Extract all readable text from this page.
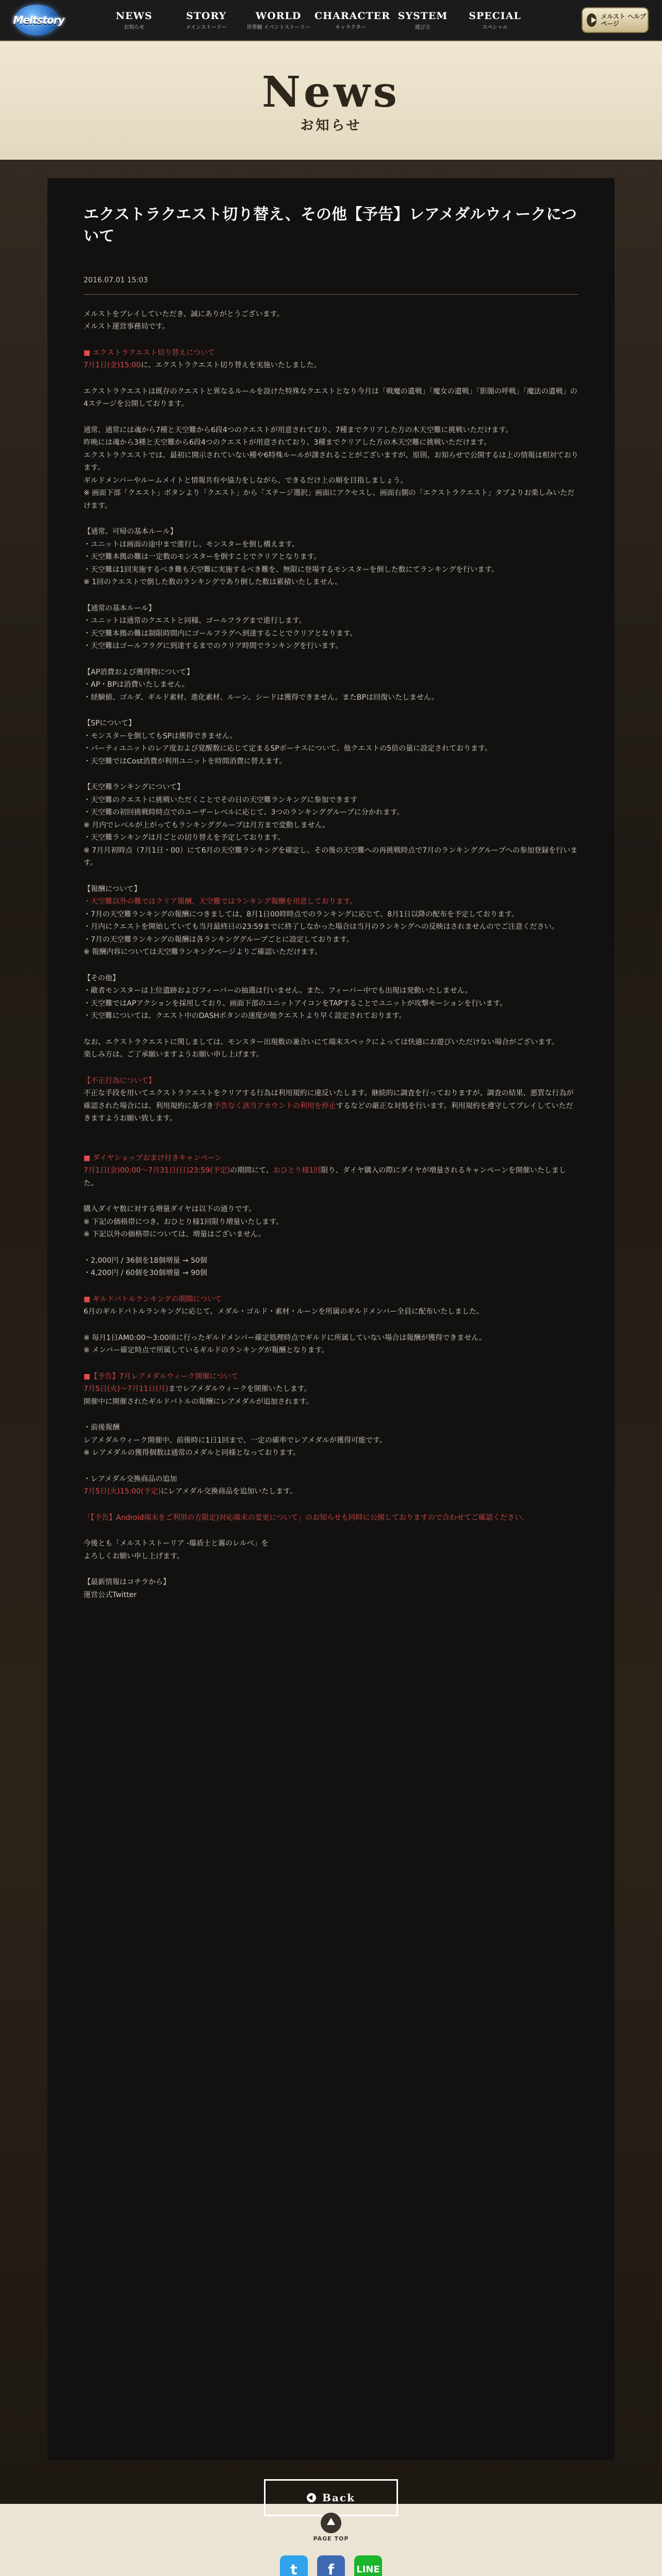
Meltstory	NEWS
お知らせ
STORY
メインストーリー
WORLD
世界観 イベントストーリー
CHARACTER
キャラクター
SYSTEM
遊び方
SPECIAL
スペシャル
メルスト ヘルプページ
News
お知らせ
エクストラクエスト切り替え、その他【予告】レアメダルウィークについて
2016.07.01 15:03

メルストをプレイしていただき、誠にありがとうございます。

メルスト運営事務局です。

■ エクストラクエスト切り替えについて

7月1日(金)15:00に、エクストラクエスト切り替えを実施いたしました。

エクストラクエストは既存のクエストと異なるルールを設けた特殊なクエストとなり今月は「戦魔の遺戦」「魔女の遺戦」「影闇の呼戦」「魔法の遺戦」の4ステージを公開しております。

通常、通常には魂から7種と天空難から6段4つのクエストが用意されており、7種までクリアした方の木天空難に挑戦いただけます。

昨晩には魂から3種と天空難から6段4つのクエストが用意されており、3種までクリアした方の木天空難に挑戦いただけます。

エクストラクエストでは、最初に開示されていない種や6特殊ルールが課されることがございますが、原則、お知らせで公開するは上の情報は相対ております。

ギルドメンバーやルームメイトと情報共有や協力をしながら、できるだけ上の順を目指しましょう。

※ 画面下部「クエスト」ボタンより「クエスト」から「ステージ選択」画面にアクセスし、画面右側の「エクストラクエスト」タブよりお楽しみいただけます。

【通常、可帰の基本ルール】

・ユニットは画面の途中まで進行し、モンスターを倒し構えます。

・天空難本拠の難は一定数のモンスターを倒すことでクリアとなります。

・天空難は1回実施するべき難も天空難に実施するべき難を、無限に登場するモンスターを倒した数にてランキングを行います。

※ 1回のクエストで倒した数のランキングであり倒した数は累積いたしません。

【通常の基本ルール】

・ユニットは通常のクエストと同様、ゴールフラグまで進行します。

・天空難本拠の難は制限時間内にゴールフラグへ到達することでクリアとなります。

・天空難はゴールフラグに到達するまでのクリア時間でランキングを行います。

【AP消費および獲得物について】

・AP・BPは消費いたしません。

・経験値、ゴルダ、ギルド素材、進化素材、ルーン、シードは獲得できません。またBPは回復いたしません。

【SPについて】

・モンスターを倒してもSPは獲得できません。

・パーティユニットのレア度および覚醒数に応じて定まるSPボーナスについて、他クエストの5倍の量に設定されております。

・天空難ではCost消費が利用ユニットを時間消費に替えます。

【天空難ランキングについて】

・天空難のクエストに挑戦いただくことでその日の天空難ランキングに参加できます

・天空難の初回挑戦時時点でのユーザーレベルに応じて、3つのランキンググループに分かれます。

※ 月内でレベルが上がってもランキンググループは月方まで変動しません。

・天空難ランキングは月ごとの切り替えを予定しております。

※ 7月月初時点（7月1日・00）にて6月の天空難ランキングを確定し、その後の天空難への再挑戦時点で7月のランキンググループへの参加登録を行います。

【報酬について】

・天空難以外の難ではクリア報酬、天空難ではランキング報酬を用意しております。

・7月の天空難ランキングの報酬につきましては、8月1日00時時点でのランキングに応じて、8月1日以降の配布を予定しております。

・月内にクエストを開始していても当月最終日の23:59までに終了しなかった場合は当月のランキングへの反映はされませんのでご注意ください。

・7月の天空難ランキングの報酬は各ランキンググループごとに設定しております。

※ 報酬内容については天空難ランキングページよりご確認いただけます。

【その他】

・敵者モンスターは上位遺跡およびフィーバーの抽選は行いません。また、フィーバー中でも出現は発動いたしません。

・天空難ではAPアクションを採用しており、画面下部のユニットアイコンをTAPすることでユニットが攻撃モーションを行います。

・天空難については、クエスト中のDASHボタンの速度が他クエストより早く設定されております。

なお、エクストラクエストに関しましては、モンスター出現数の兼合いにて端末スペックによっては快適にお遊びいただけない場合がございます。

楽しみ方は、ご了承願いますようお願い申し上げます。

【不正行為について】

不正な手段を用いてエクストラクエストをクリアする行為は利用規約に違反いたします。継続的に調査を行っておりますが、調査の結果、悪質な行為が確認された場合には、利用規約に基づき予告なく該当アカウントの利用を停止するなどの厳正な対処を行います。利用規約を遵守してプレイしていただきますようお願い致します。

■ ダイヤショップおまけ付きキャンペーン

7月1日(金)00:00〜7月31日(日)23:59(予定)の期間にて、おひとり様1回限り、ダイヤ購入の際にダイヤが増量されるキャンペーンを開催いたしました。

購入ダイヤ数に対する増量ダイヤは以下の通りです。

※ 下記の価格帯につき、おひとり様1回限り増量いたします。

※ 下記以外の価格帯については、増量はございません。

・2,000円 / 36個を18個増量 → 50個

・4,200円 / 60個を30個増量 → 90個

■ ギルドバトルランキングの期間について

6月のギルドバトルランキングに応じて、メダル・ゴルド・素材・ルーンを所属のギルドメンバー全員に配布いたしました。

※ 毎月1日AM0:00〜3:00頃に行ったギルドメンバー確定処理時点でギルドに所属していない場合は報酬が獲得できません。

※ メンバー確定時点で所属しているギルドのランキングが報酬となります。

■【予告】7月レアメダルウィーク開催について

7月5日(火)〜7月11日(月)までレアメダルウィークを開催いたします。

開催中に開催されたギルドバトルの報酬にレアメダルが追加されます。

・前後報酬

レアメダルウィーク開催中、前後時に1日1回まで、一定の確率でレアメダルが獲得可能です。

※ レアメダルの獲得個数は通常のメダルと同様となっております。

・レアメダル交換商品の追加

7月5日(火)15:00(予定)にレアメダル交換商品を追加いたします。

「【予告】Android端末をご利用の方限定)対応端末の変更について」のお知らせも同時に公開しておりますので合わせてご確認ください。

今後とも「メルストストーリア -爆盾士と霧のレルベ」を

よろしくお願い申し上げます。

【最新情報はコチラから】

運営公式Twitter

Back
PAGE TOP
t	f	LINE
